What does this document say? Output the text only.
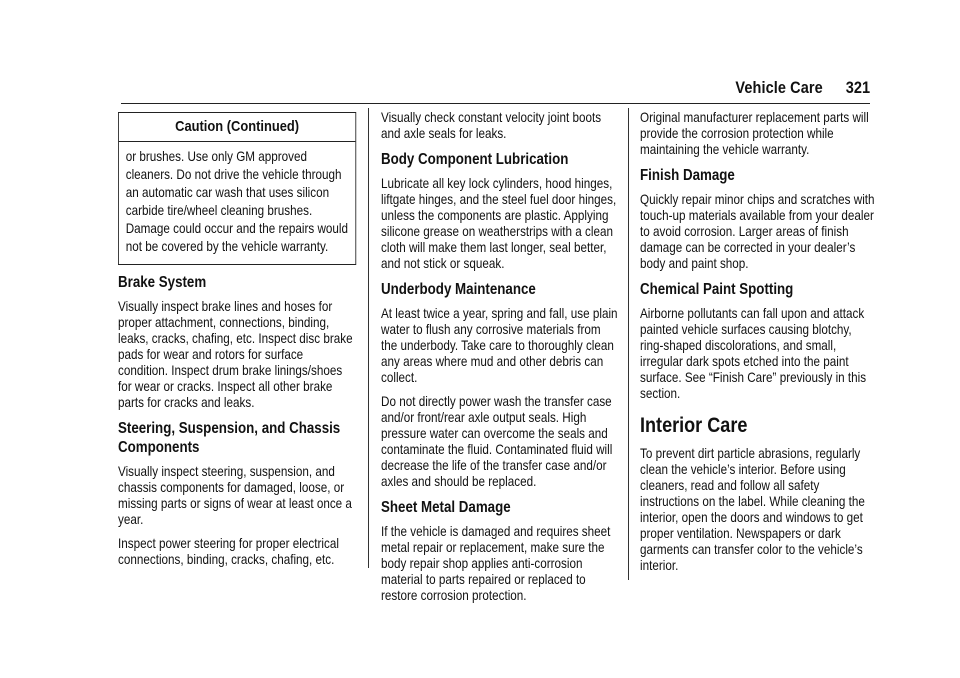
Vehicle Care 321
Caution (Continued)
or brushes. Use only GM approved cleaners. Do not drive the vehicle through an automatic car wash that uses silicon carbide tire/wheel cleaning brushes. Damage could occur and the repairs would not be covered by the vehicle warranty.
Brake System

Visually inspect brake lines and hoses for proper attachment, connections, binding, leaks, cracks, chafing, etc. Inspect disc brake pads for wear and rotors for surface condition. Inspect drum brake linings/shoes for wear or cracks. Inspect all other brake parts for cracks and leaks.

Steering, Suspension, and Chassis Components

Visually inspect steering, suspension, and chassis components for damaged, loose, or missing parts or signs of wear at least once a year.

Inspect power steering for proper electrical connections, binding, cracks, chafing, etc.

Visually check constant velocity joint boots and axle seals for leaks.

Body Component Lubrication

Lubricate all key lock cylinders, hood hinges, liftgate hinges, and the steel fuel door hinges, unless the components are plastic. Applying silicone grease on weatherstrips with a clean cloth will make them last longer, seal better, and not stick or squeak.

Underbody Maintenance

At least twice a year, spring and fall, use plain water to flush any corrosive materials from the underbody. Take care to thoroughly clean any areas where mud and other debris can collect.

Do not directly power wash the transfer case and/or front/rear axle output seals. High pressure water can overcome the seals and contaminate the fluid. Contaminated fluid will decrease the life of the transfer case and/or axles and should be replaced.

Sheet Metal Damage

If the vehicle is damaged and requires sheet metal repair or replacement, make sure the body repair shop applies anti-corrosion material to parts repaired or replaced to restore corrosion protection.

Original manufacturer replacement parts will provide the corrosion protection while maintaining the vehicle warranty.

Finish Damage

Quickly repair minor chips and scratches with touch-up materials available from your dealer to avoid corrosion. Larger areas of finish damage can be corrected in your dealer’s body and paint shop.

Chemical Paint Spotting

Airborne pollutants can fall upon and attack painted vehicle surfaces causing blotchy, ring-shaped discolorations, and small, irregular dark spots etched into the paint surface. See “Finish Care” previously in this section.

Interior Care

To prevent dirt particle abrasions, regularly clean the vehicle’s interior. Before using cleaners, read and follow all safety instructions on the label. While cleaning the interior, open the doors and windows to get proper ventilation. Newspapers or dark garments can transfer color to the vehicle’s interior.
